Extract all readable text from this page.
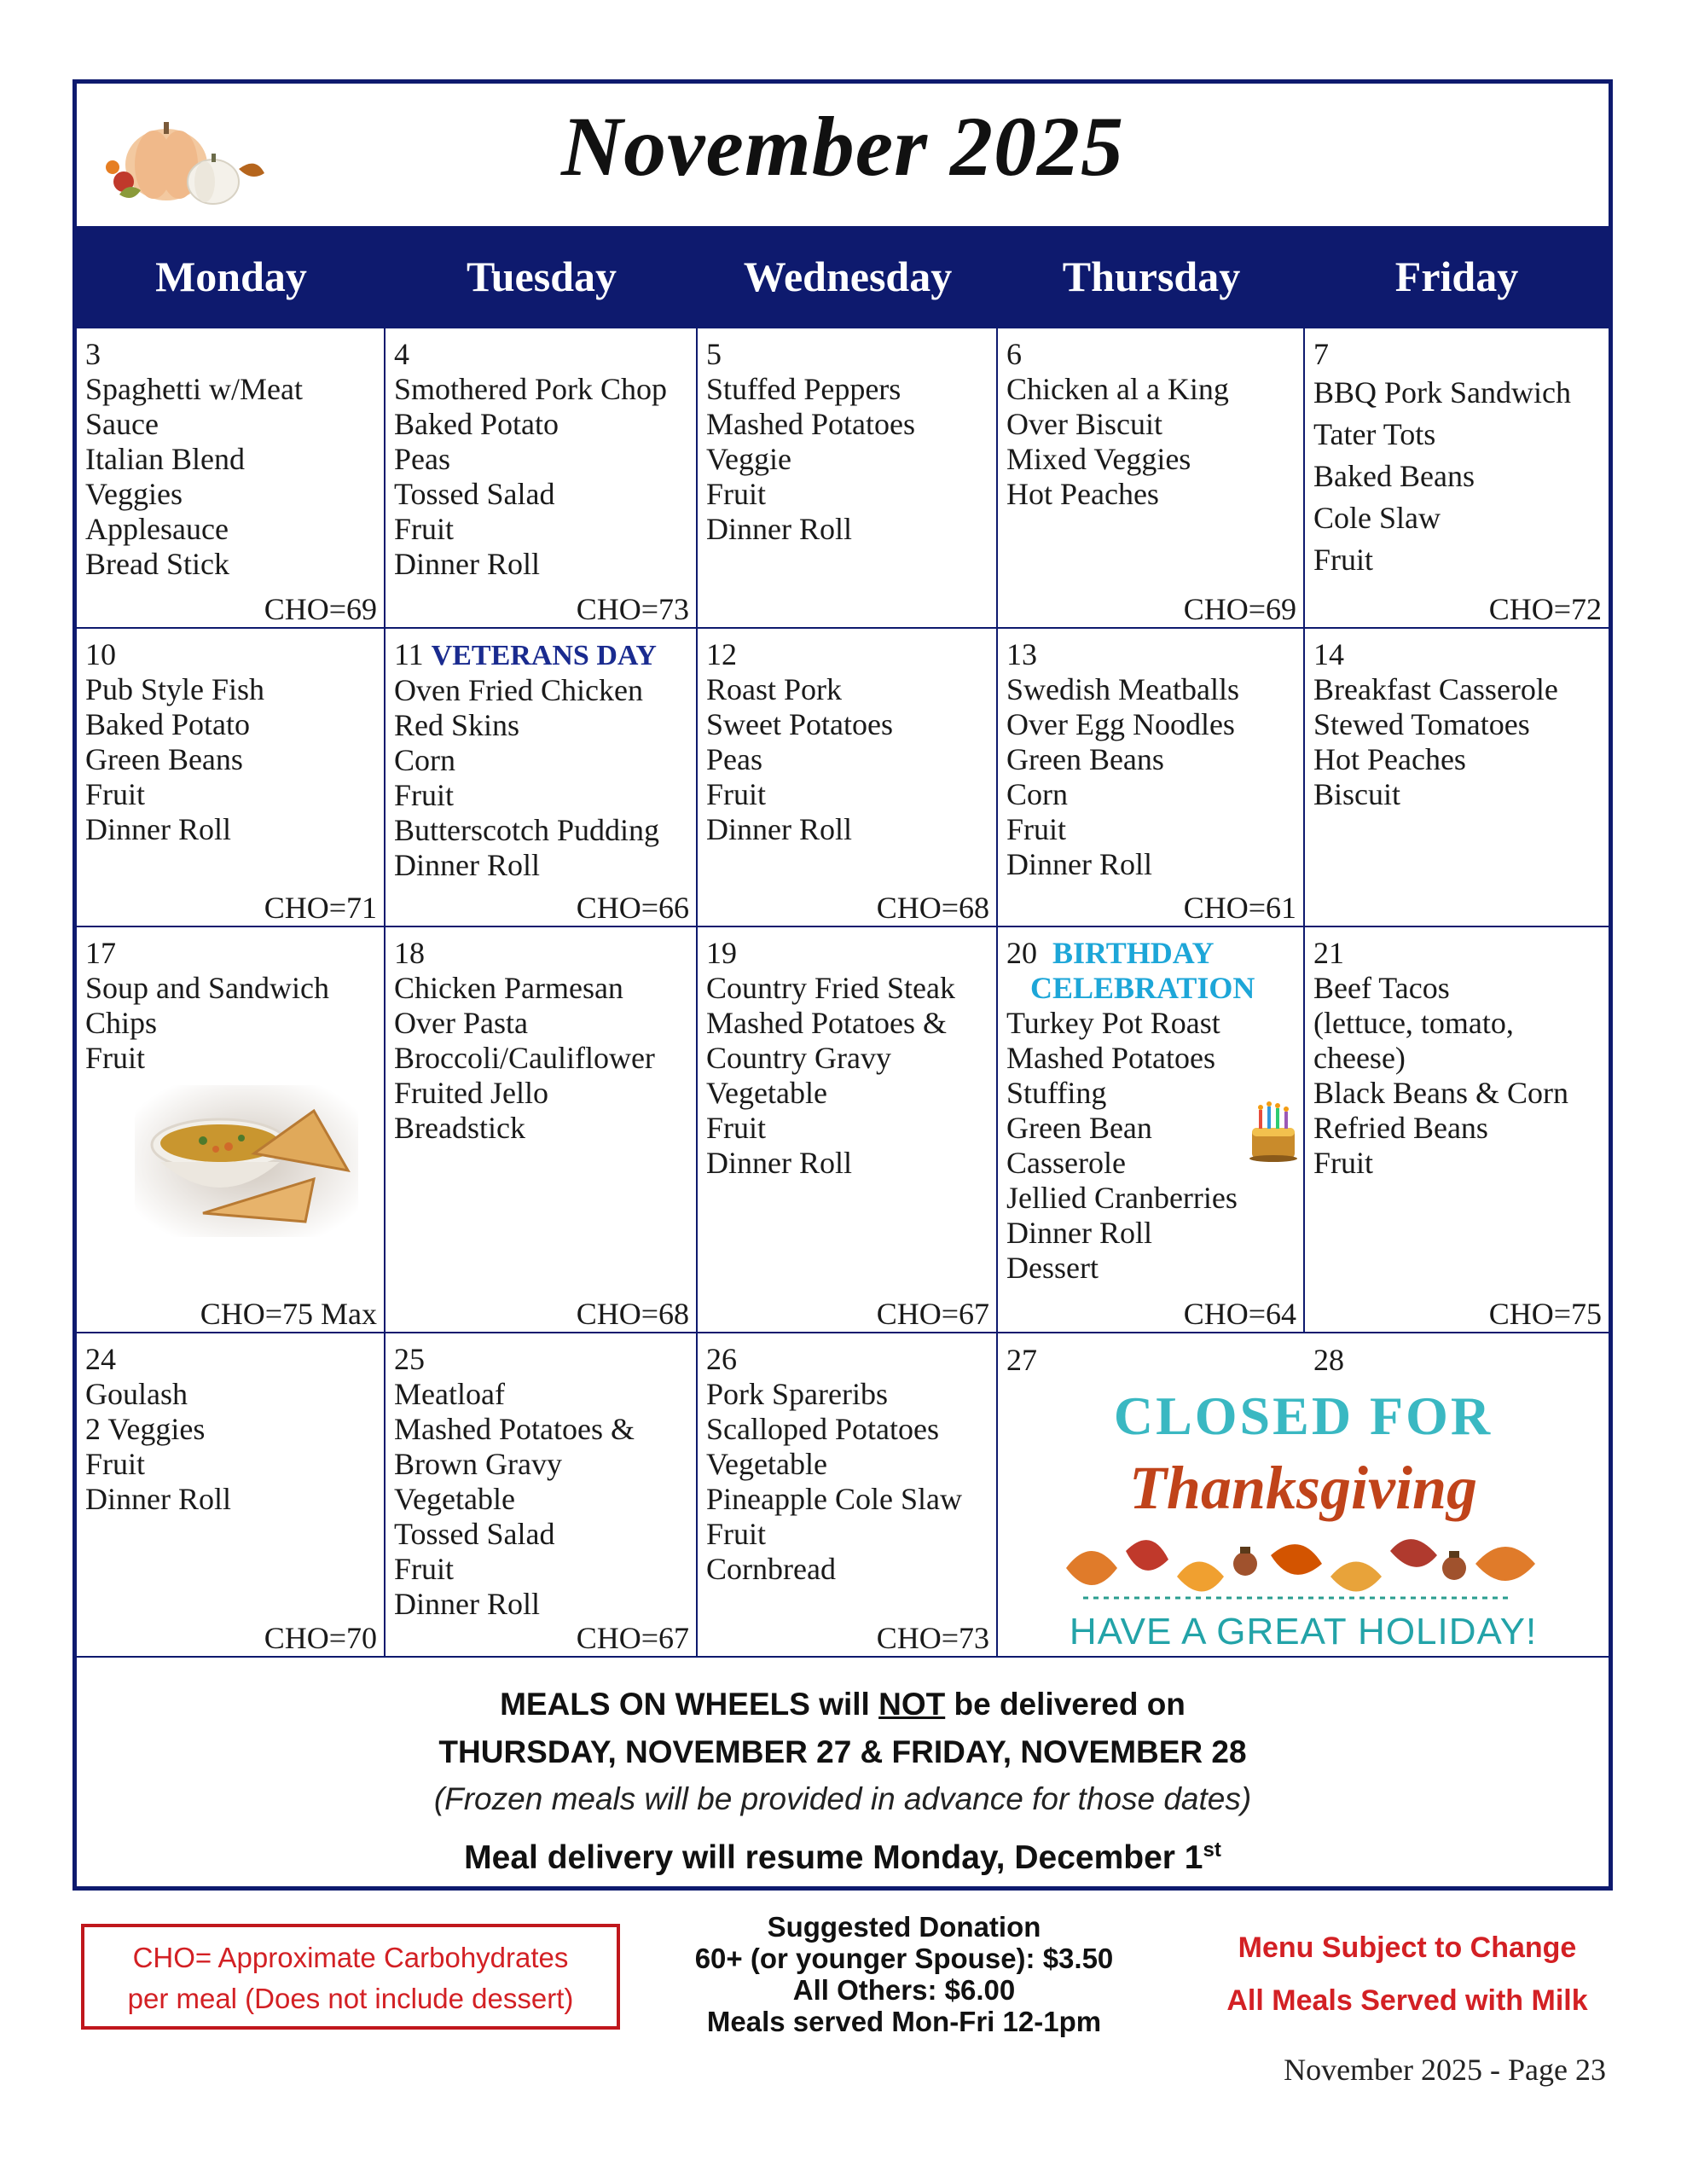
November 2025
Monday	Tuesday	Wednesday	Thursday	Friday
3
Spaghetti w/Meat
Sauce
Italian Blend
Veggies
Applesauce
Bread Stick
CHO=69
4
Smothered Pork Chop
Baked Potato
Peas
Tossed Salad
Fruit
Dinner Roll
CHO=73
5
Stuffed Peppers
Mashed Potatoes
Veggie
Fruit
Dinner Roll
6
Chicken al a King
Over Biscuit
Mixed Veggies
Hot Peaches
CHO=69
7
BBQ Pork Sandwich
Tater Tots
Baked Beans
Cole Slaw
Fruit
CHO=72
10
Pub Style Fish
Baked Potato
Green Beans
Fruit
Dinner Roll
CHO=71
11 VETERANS DAY
Oven Fried Chicken
Red Skins
Corn
Fruit
Butterscotch Pudding
Dinner Roll
CHO=66
12
Roast Pork
Sweet Potatoes
Peas
Fruit
Dinner Roll
CHO=68
13
Swedish Meatballs
Over Egg Noodles
Green Beans
Corn
Fruit
Dinner Roll
CHO=61
14
Breakfast Casserole
Stewed Tomatoes
Hot Peaches
Biscuit
17
Soup and Sandwich
Chips
Fruit
CHO=75 Max
18
Chicken Parmesan
Over Pasta
Broccoli/Cauliflower
Fruited Jello
Breadstick
CHO=68
19
Country Fried Steak
Mashed Potatoes &
Country Gravy
Vegetable
Fruit
Dinner Roll
CHO=67
20 BIRTHDAY
CELEBRATION
Turkey Pot Roast
Mashed Potatoes
Stuffing
Green Bean
Casserole
Jellied Cranberries
Dinner Roll
Dessert
CHO=64
21
Beef Tacos
(lettuce, tomato,
cheese)
Black Beans & Corn
Refried Beans
Fruit
CHO=75
24
Goulash
2 Veggies
Fruit
Dinner Roll
CHO=70
25
Meatloaf
Mashed Potatoes &
Brown Gravy
Vegetable
Tossed Salad
Fruit
Dinner Roll
CHO=67
26
Pork Spareribs
Scalloped Potatoes
Vegetable
Pineapple Cole Slaw
Fruit
Cornbread
CHO=73
27	28
CLOSED FOR
Thanksgiving
HAVE A GREAT HOLIDAY!
MEALS ON WHEELS will NOT be delivered on
THURSDAY, NOVEMBER 27 & FRIDAY, NOVEMBER 28
(Frozen meals will be provided in advance for those dates)
Meal delivery will resume Monday, December 1st
CHO= Approximate Carbohydrates
per meal (Does not include dessert)
Suggested Donation
60+ (or younger Spouse): $3.50
All Others: $6.00
Meals served Mon-Fri 12-1pm
Menu Subject to Change
All Meals Served with Milk
November 2025 - Page 23
